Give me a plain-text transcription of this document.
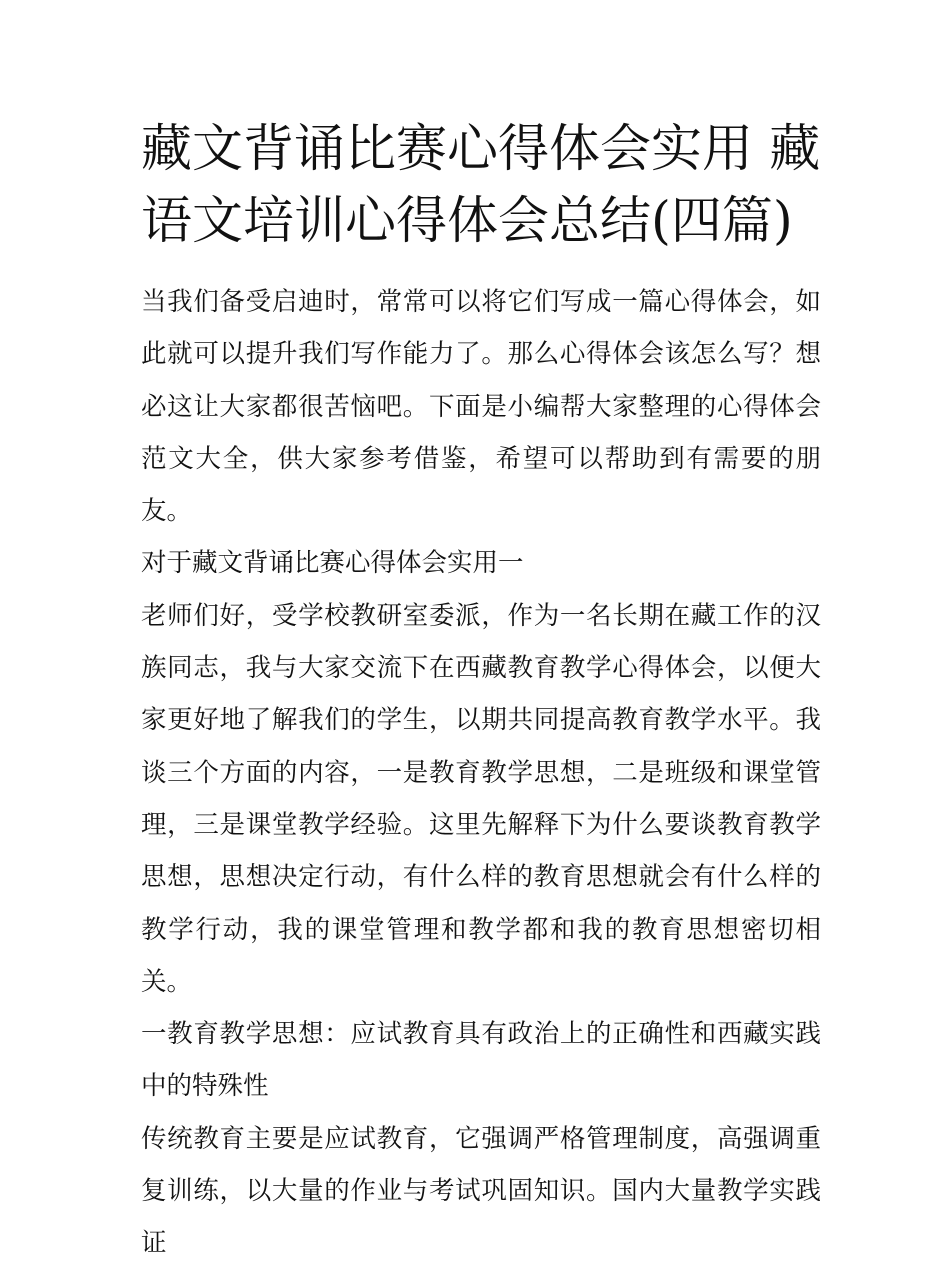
藏文背诵比赛心得体会实用 藏语文培训心得体会总结(四篇)

当我们备受启迪时，常常可以将它们写成一篇心得体会，如此就可以提升我们写作能力了。那么心得体会该怎么写？想必这让大家都很苦恼吧。下面是小编帮大家整理的心得体会范文大全，供大家参考借鉴，希望可以帮助到有需要的朋友。

对于藏文背诵比赛心得体会实用一

老师们好，受学校教研室委派，作为一名长期在藏工作的汉族同志，我与大家交流下在西藏教育教学心得体会，以便大家更好地了解我们的学生，以期共同提高教育教学水平。我谈三个方面的内容，一是教育教学思想，二是班级和课堂管理，三是课堂教学经验。这里先解释下为什么要谈教育教学思想，思想决定行动，有什么样的教育思想就会有什么样的教学行动，我的课堂管理和教学都和我的教育思想密切相关。

一教育教学思想：应试教育具有政治上的正确性和西藏实践中的特殊性

传统教育主要是应试教育，它强调严格管理制度，高强调重复训练，以大量的作业与考试巩固知识。国内大量教学实践证
